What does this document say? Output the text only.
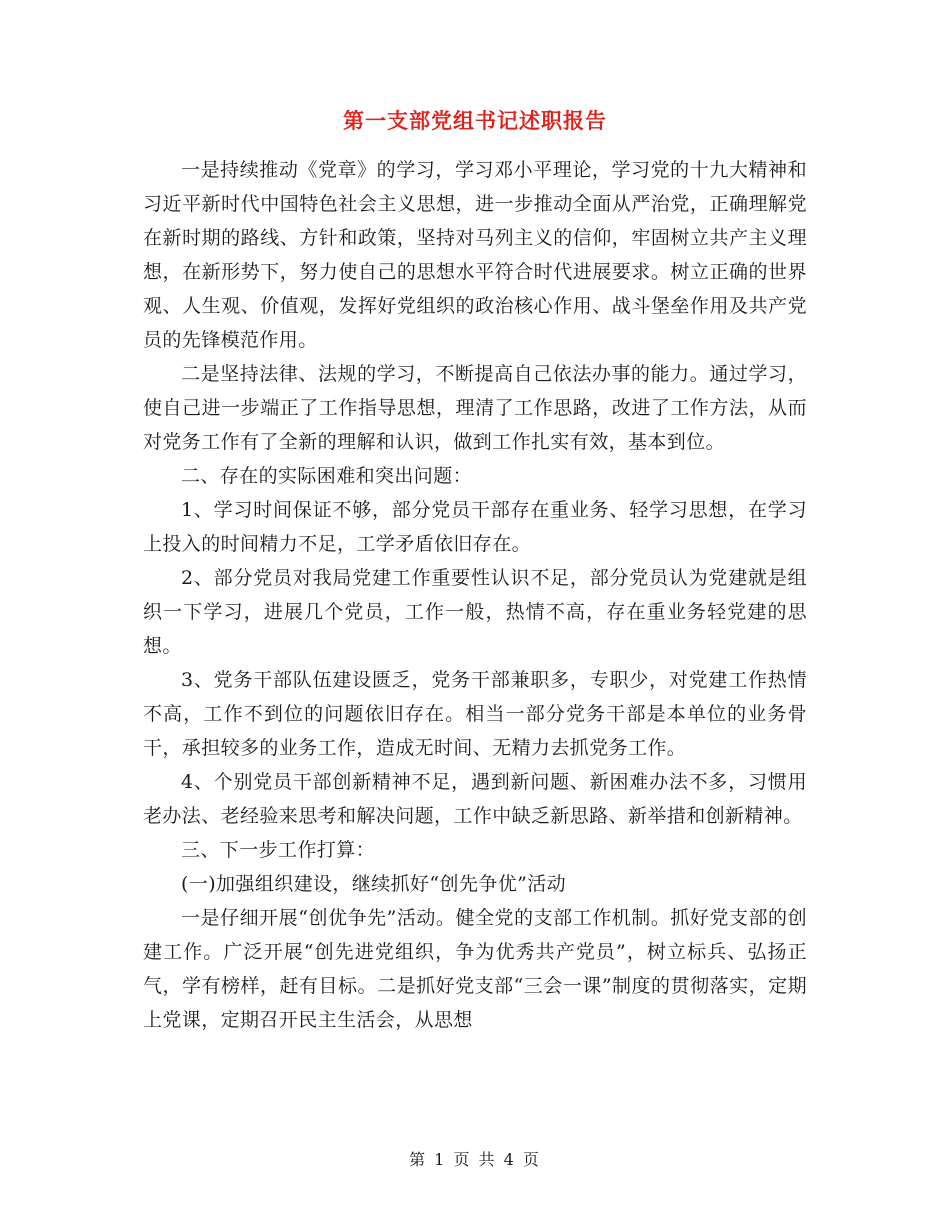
第一支部党组书记述职报告

一是持续推动《党章》的学习，学习邓小平理论，学习党的十九大精神和习近平新时代中国特色社会主义思想，进一步推动全面从严治党，正确理解党在新时期的路线、方针和政策，坚持对马列主义的信仰，牢固树立共产主义理想，在新形势下，努力使自己的思想水平符合时代进展要求。树立正确的世界观、人生观、价值观，发挥好党组织的政治核心作用、战斗堡垒作用及共产党员的先锋模范作用。

二是坚持法律、法规的学习，不断提高自己依法办事的能力。通过学习，使自己进一步端正了工作指导思想，理清了工作思路，改进了工作方法，从而对党务工作有了全新的理解和认识，做到工作扎实有效，基本到位。

二、存在的实际困难和突出问题：

1、学习时间保证不够，部分党员干部存在重业务、轻学习思想，在学习上投入的时间精力不足，工学矛盾依旧存在。

2、部分党员对我局党建工作重要性认识不足，部分党员认为党建就是组织一下学习，进展几个党员，工作一般，热情不高，存在重业务轻党建的思想。

3、党务干部队伍建设匮乏，党务干部兼职多，专职少，对党建工作热情不高，工作不到位的问题依旧存在。相当一部分党务干部是本单位的业务骨干，承担较多的业务工作，造成无时间、无精力去抓党务工作。

4、个别党员干部创新精神不足，遇到新问题、新困难办法不多，习惯用老办法、老经验来思考和解决问题，工作中缺乏新思路、新举措和创新精神。

三、下一步工作打算：

(一)加强组织建设，继续抓好“创先争优”活动

一是仔细开展“创优争先”活动。健全党的支部工作机制。抓好党支部的创建工作。广泛开展“创先进党组织，争为优秀共产党员”，树立标兵、弘扬正气，学有榜样，赶有目标。二是抓好党支部“三会一课”制度的贯彻落实，定期上党课，定期召开民主生活会，从思想

第 1 页 共 4 页
